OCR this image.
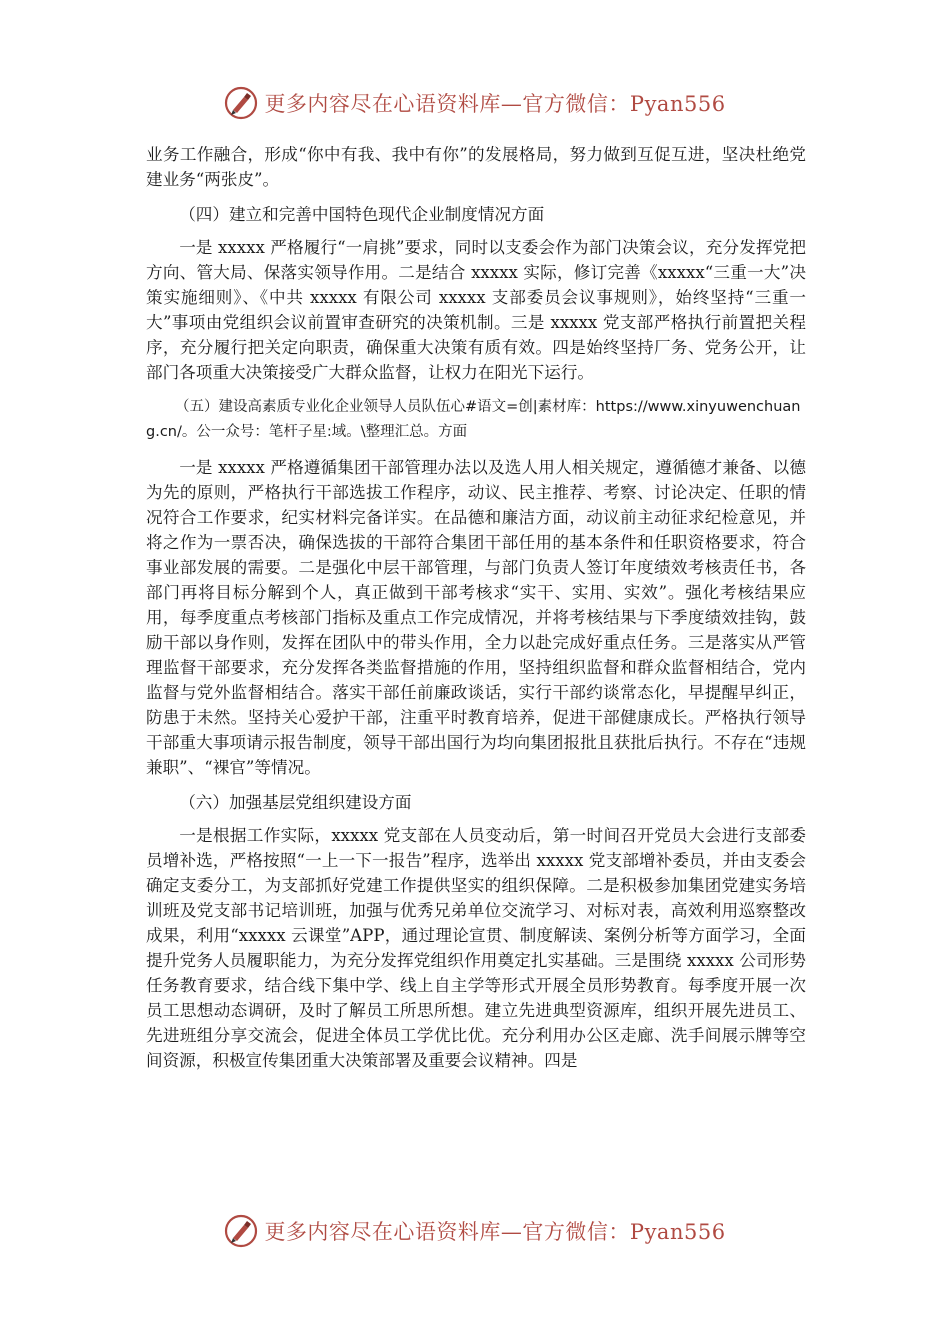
更多内容尽在心语资料库—官方微信：Pyan556

业务工作融合，形成“你中有我、我中有你”的发展格局，努力做到互促互进，坚决杜绝党建业务“两张皮”。

（四）建立和完善中国特色现代企业制度情况方面

一是 xxxxx 严格履行“一肩挑”要求，同时以支委会作为部门决策会议，充分发挥党把方向、管大局、保落实领导作用。二是结合 xxxxx 实际，修订完善《xxxxx“三重一大”决策实施细则》、《中共 xxxxx 有限公司 xxxxx 支部委员会议事规则》，始终坚持“三重一大”事项由党组织会议前置审查研究的决策机制。三是 xxxxx 党支部严格执行前置把关程序，充分履行把关定向职责，确保重大决策有质有效。四是始终坚持厂务、党务公开，让部门各项重大决策接受广大群众监督，让权力在阳光下运行。

（五）建设高素质专业化企业领导人员队伍心#语文=创|素材库：https://www.xinyuwenchuang.cn/。公一众号：笔杆子星:域。\整理汇总。方面

一是 xxxxx 严格遵循集团干部管理办法以及选人用人相关规定，遵循德才兼备、以德为先的原则，严格执行干部选拔工作程序，动议、民主推荐、考察、讨论决定、任职的情况符合工作要求，纪实材料完备详实。在品德和廉洁方面，动议前主动征求纪检意见，并将之作为一票否决，确保选拔的干部符合集团干部任用的基本条件和任职资格要求，符合事业部发展的需要。二是强化中层干部管理，与部门负责人签订年度绩效考核责任书，各部门再将目标分解到个人，真正做到干部考核求“实干、实用、实效”。强化考核结果应用，每季度重点考核部门指标及重点工作完成情况，并将考核结果与下季度绩效挂钩，鼓励干部以身作则，发挥在团队中的带头作用，全力以赴完成好重点任务。三是落实从严管理监督干部要求，充分发挥各类监督措施的作用，坚持组织监督和群众监督相结合，党内监督与党外监督相结合。落实干部任前廉政谈话，实行干部约谈常态化，早提醒早纠正，防患于未然。坚持关心爱护干部，注重平时教育培养，促进干部健康成长。严格执行领导干部重大事项请示报告制度，领导干部出国行为均向集团报批且获批后执行。不存在“违规兼职”、“裸官”等情况。

（六）加强基层党组织建设方面

一是根据工作实际，xxxxx 党支部在人员变动后，第一时间召开党员大会进行支部委员增补选，严格按照“一上一下一报告”程序，选举出 xxxxx 党支部增补委员，并由支委会确定支委分工，为支部抓好党建工作提供坚实的组织保障。二是积极参加集团党建实务培训班及党支部书记培训班，加强与优秀兄弟单位交流学习、对标对表，高效利用巡察整改成果，利用“xxxxx 云课堂”APP，通过理论宣贯、制度解读、案例分析等方面学习，全面提升党务人员履职能力，为充分发挥党组织作用奠定扎实基础。三是围绕 xxxxx 公司形势任务教育要求，结合线下集中学、线上自主学等形式开展全员形势教育。每季度开展一次员工思想动态调研，及时了解员工所思所想。建立先进典型资源库，组织开展先进员工、先进班组分享交流会，促进全体员工学优比优。充分利用办公区走廊、洗手间展示牌等空间资源，积极宣传集团重大决策部署及重要会议精神。四是

更多内容尽在心语资料库—官方微信：Pyan556
